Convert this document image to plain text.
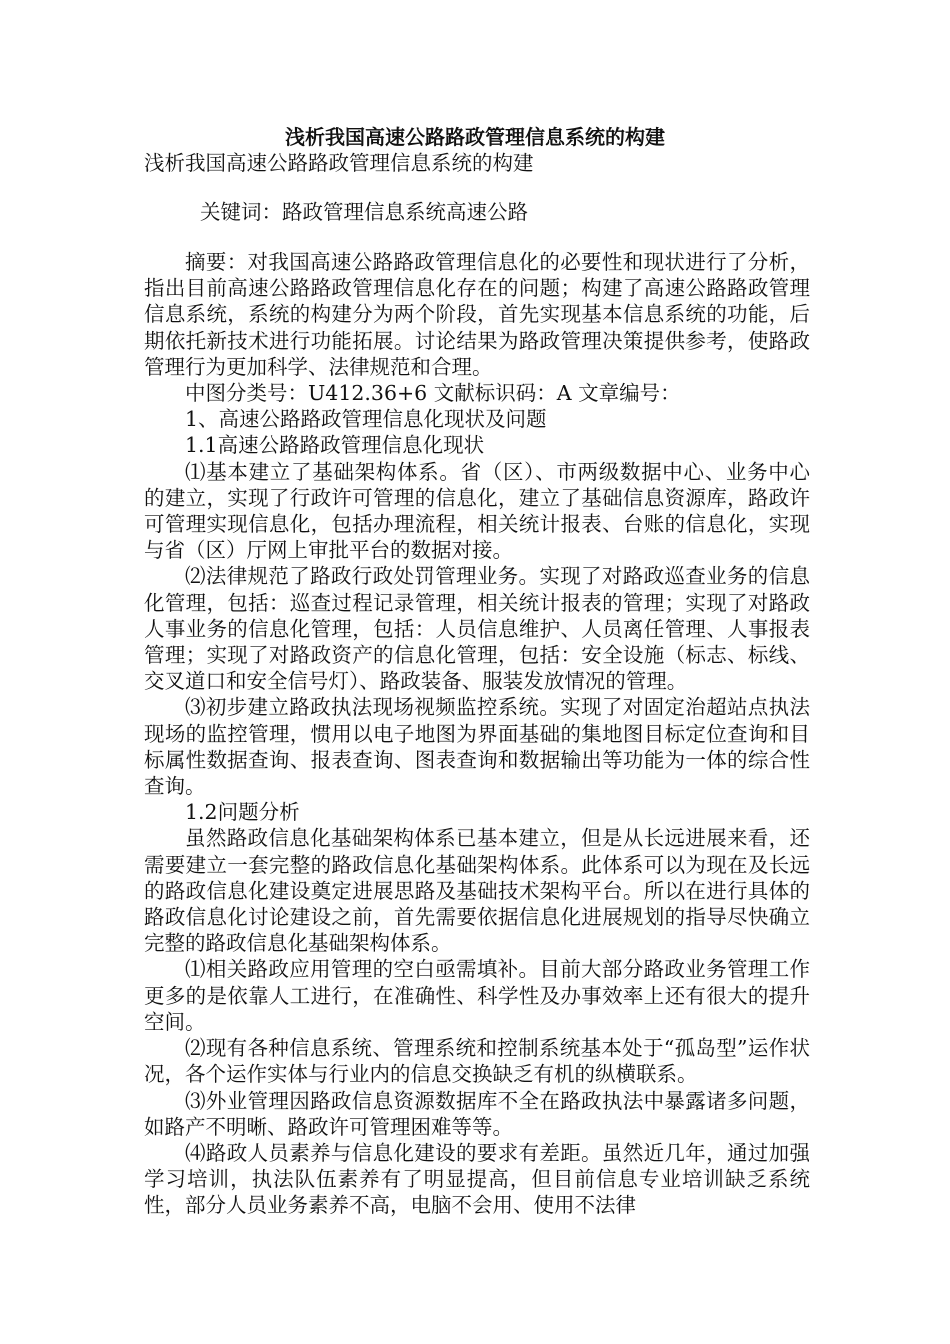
浅析我国高速公路路政管理信息系统的构建
浅析我国高速公路路政管理信息系统的构建
关键词：路政管理信息系统高速公路

摘要：对我国高速公路路政管理信息化的必要性和现状进行了分析，指出目前高速公路路政管理信息化存在的问题；构建了高速公路路政管理信息系统，系统的构建分为两个阶段，首先实现基本信息系统的功能，后期依托新技术进行功能拓展。讨论结果为路政管理决策提供参考，使路政管理行为更加科学、法律规范和合理。

中图分类号：U412.36+6 文献标识码：A 文章编号：

1、高速公路路政管理信息化现状及问题

1.1高速公路路政管理信息化现状

⑴基本建立了基础架构体系。省（区）、市两级数据中心、业务中心的建立，实现了行政许可管理的信息化，建立了基础信息资源库，路政许可管理实现信息化，包括办理流程，相关统计报表、台账的信息化，实现与省（区）厅网上审批平台的数据对接。

⑵法律规范了路政行政处罚管理业务。实现了对路政巡查业务的信息化管理，包括：巡查过程记录管理，相关统计报表的管理；实现了对路政人事业务的信息化管理，包括：人员信息维护、人员离任管理、人事报表管理；实现了对路政资产的信息化管理，包括：安全设施（标志、标线、交叉道口和安全信号灯）、路政装备、服装发放情况的管理。

⑶初步建立路政执法现场视频监控系统。实现了对固定治超站点执法现场的监控管理，惯用以电子地图为界面基础的集地图目标定位查询和目标属性数据查询、报表查询、图表查询和数据输出等功能为一体的综合性查询。

1.2问题分析

虽然路政信息化基础架构体系已基本建立，但是从长远进展来看，还需要建立一套完整的路政信息化基础架构体系。此体系可以为现在及长远的路政信息化建设奠定进展思路及基础技术架构平台。所以在进行具体的路政信息化讨论建设之前，首先需要依据信息化进展规划的指导尽快确立完整的路政信息化基础架构体系。

⑴相关路政应用管理的空白亟需填补。目前大部分路政业务管理工作更多的是依靠人工进行，在准确性、科学性及办事效率上还有很大的提升空间。

⑵现有各种信息系统、管理系统和控制系统基本处于“孤岛型”运作状况，各个运作实体与行业内的信息交换缺乏有机的纵横联系。

⑶外业管理因路政信息资源数据库不全在路政执法中暴露诸多问题，如路产不明晰、路政许可管理困难等等。

⑷路政人员素养与信息化建设的要求有差距。虽然近几年，通过加强学习培训，执法队伍素养有了明显提高，但目前信息专业培训缺乏系统性，部分人员业务素养不高，电脑不会用、使用不法律
